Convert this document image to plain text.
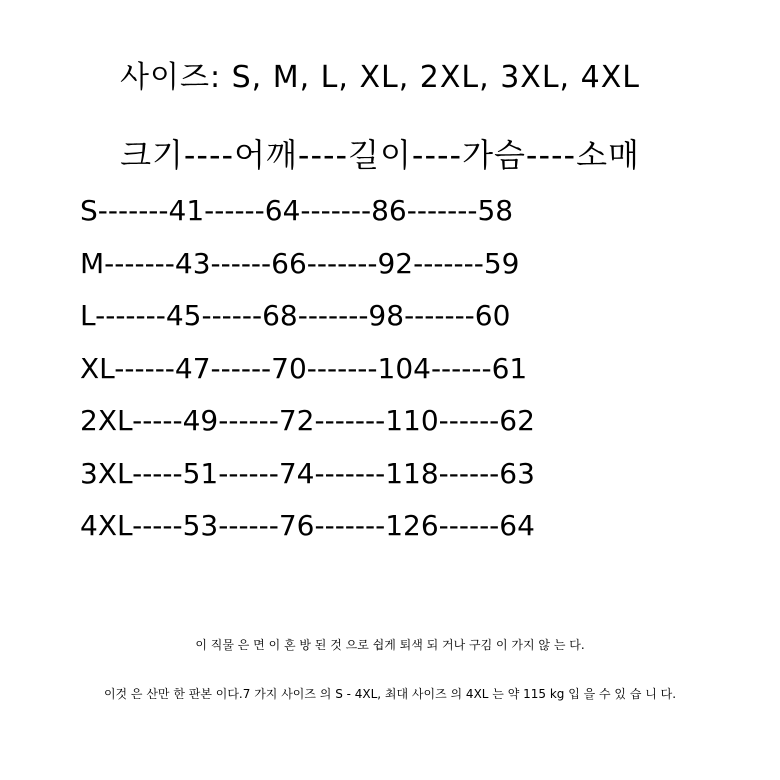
사이즈: S, M, L, XL, 2XL, 3XL, 4XL
크기----어깨----길이----가슴----소매
S-------41------64-------86-------58
M-------43------66-------92-------59
L-------45------68-------98-------60
XL------47------70-------104------61
2XL-----49------72-------110------62
3XL-----51------74-------118------63
4XL-----53------76-------126------64
이 직물 은 면 이 혼 방 된 것 으로 쉽게 퇴색 되 거나 구김 이 가지 않 는 다.
이것 은 산만 한 판본 이다.7 가지 사이즈 의 S - 4XL, 최대 사이즈 의 4XL 는 약 115 kg 입 을 수 있 습 니 다.
